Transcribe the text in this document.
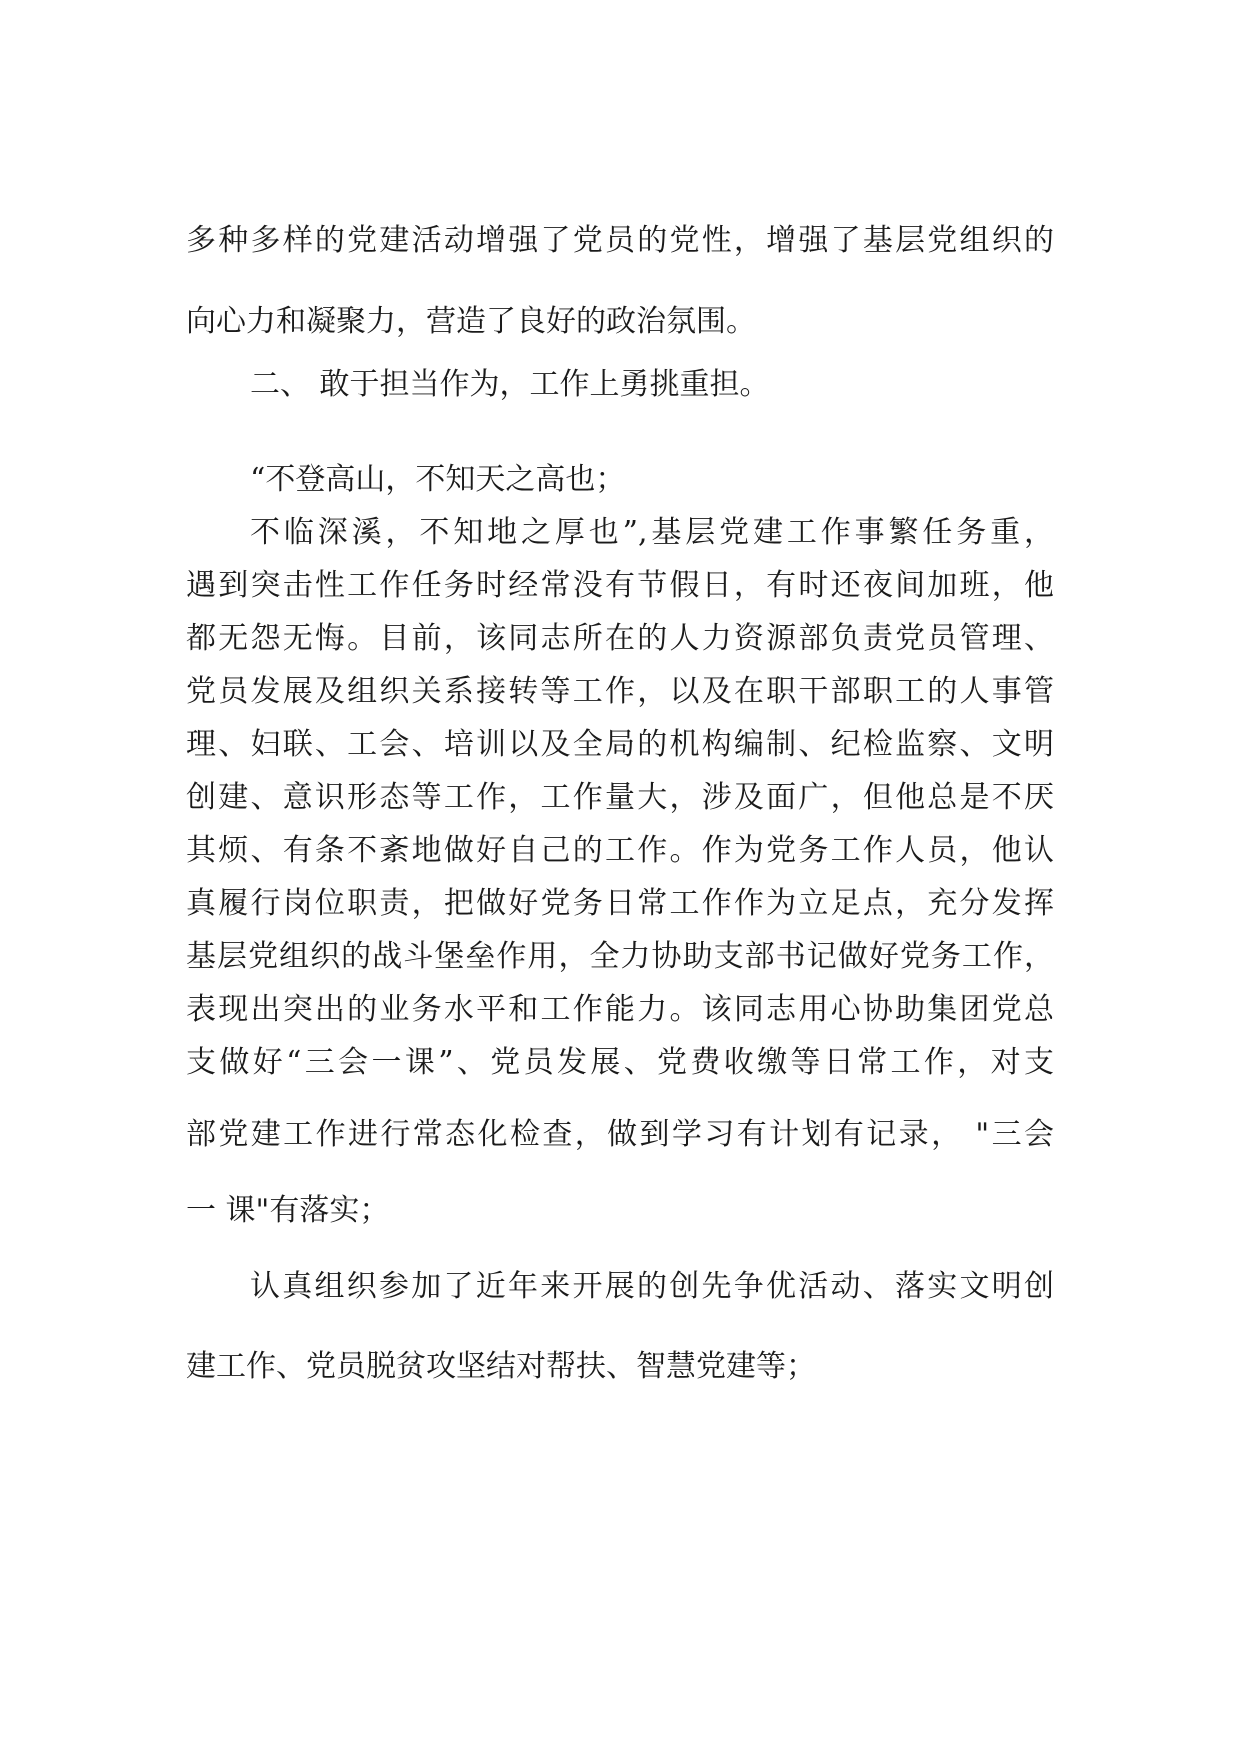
多种多样的党建活动增强了党员的党性，增强了基层党组织的
向心力和凝聚力，营造了良好的政治氛围。
二、 敢于担当作为，工作上勇挑重担。
“不登高山，不知天之高也；
不临深溪，不知地之厚也”,基层党建工作事繁任务重，
遇到突击性工作任务时经常没有节假日，有时还夜间加班，他
都无怨无悔。目前，该同志所在的人力资源部负责党员管理、
党员发展及组织关系接转等工作，以及在职干部职工的人事管
理、妇联、工会、培训以及全局的机构编制、纪检监察、文明
创建、意识形态等工作，工作量大，涉及面广，但他总是不厌
其烦、有条不紊地做好自己的工作。作为党务工作人员，他认
真履行岗位职责，把做好党务日常工作作为立足点，充分发挥
基层党组织的战斗堡垒作用，全力协助支部书记做好党务工作，
表现出突出的业务水平和工作能力。该同志用心协助集团党总
支做好“三会一课”、党员发展、党费收缴等日常工作，对支
部党建工作进行常态化检查，做到学习有计划有记录， "三会
一 课"有落实；
认真组织参加了近年来开展的创先争优活动、落实文明创
建工作、党员脱贫攻坚结对帮扶、智慧党建等；
